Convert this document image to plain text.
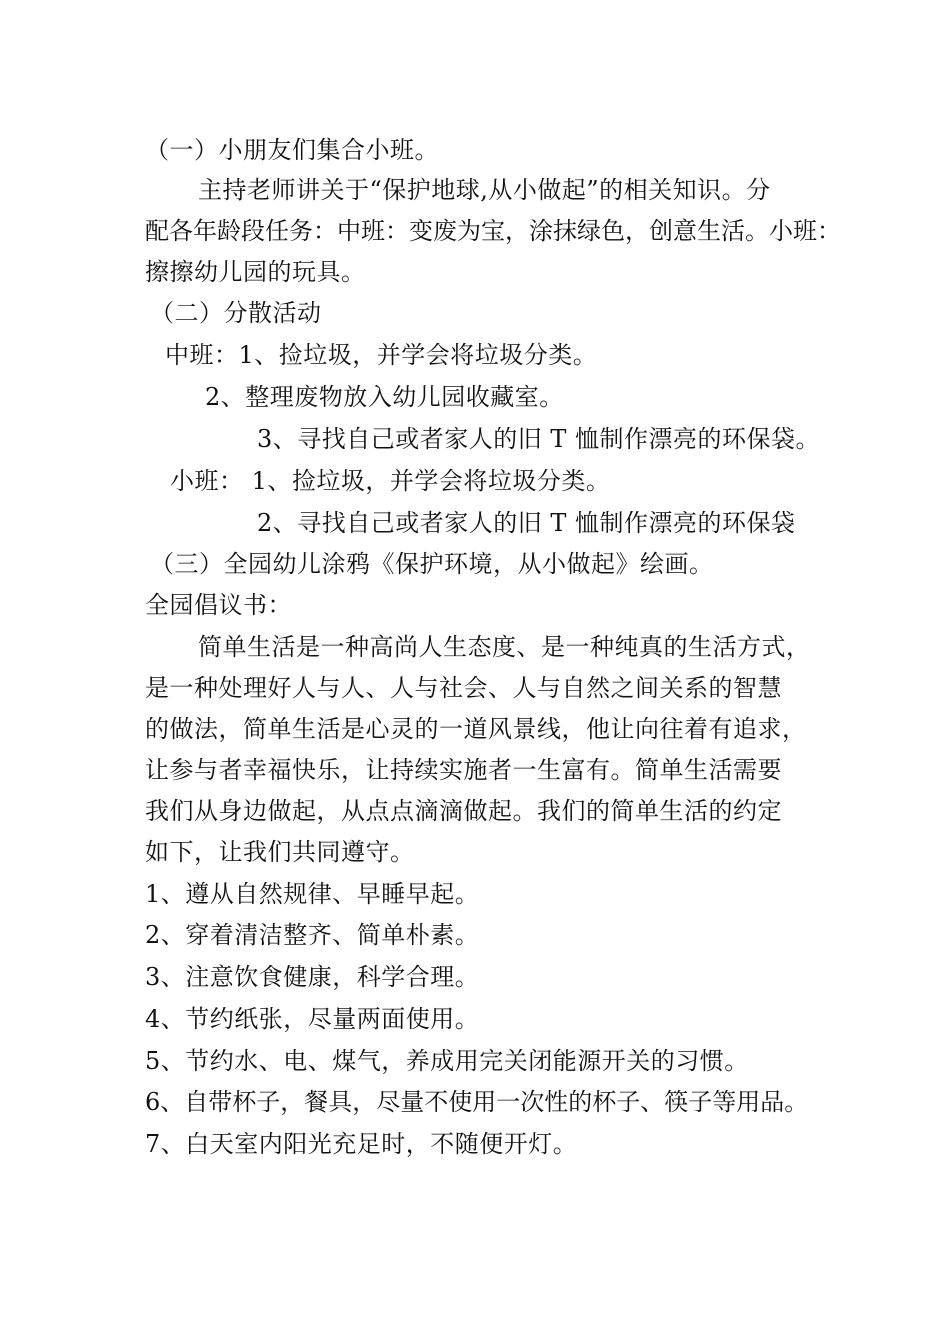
（一）小朋友们集合小班。
主持老师讲关于“保护地球,从小做起”的相关知识。分
配各年龄段任务：中班：变废为宝，涂抹绿色，创意生活。小班：
擦擦幼儿园的玩具。
（二）分散活动
中班：1、捡垃圾，并学会将垃圾分类。
2、整理废物放入幼儿园收藏室。
3、寻找自己或者家人的旧 T 恤制作漂亮的环保袋。
小班： 1、捡垃圾，并学会将垃圾分类。
2、寻找自己或者家人的旧 T 恤制作漂亮的环保袋
（三）全园幼儿涂鸦《保护环境，从小做起》绘画。
全园倡议书：
简单生活是一种高尚人生态度、是一种纯真的生活方式，
是一种处理好人与人、人与社会、人与自然之间关系的智慧
的做法，简单生活是心灵的一道风景线，他让向往着有追求，
让参与者幸福快乐，让持续实施者一生富有。简单生活需要
我们从身边做起，从点点滴滴做起。我们的简单生活的约定
如下，让我们共同遵守。
1、遵从自然规律、早睡早起。
2、穿着清洁整齐、简单朴素。
3、注意饮食健康，科学合理。
4、节约纸张，尽量两面使用。
5、节约水、电、煤气，养成用完关闭能源开关的习惯。
6、自带杯子，餐具，尽量不使用一次性的杯子、筷子等用品。
7、白天室内阳光充足时，不随便开灯。
